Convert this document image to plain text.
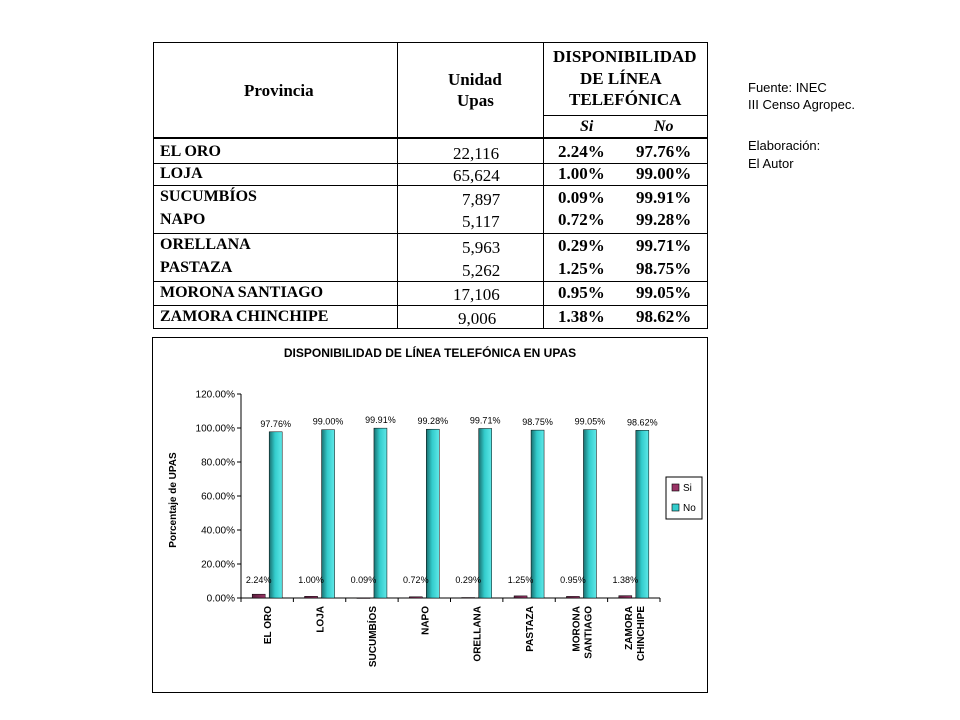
Provincia
Unidad
Upas
DISPONIBILIDAD
DE LÍNEA
TELEFÓNICA
Si	No
EL ORO	22,116	2.24% 97.76%
LOJA	65,624	1.00% 99.00%
SUCUMBÍOS	7,897	0.09% 99.91%
NAPO	5,117	0.72% 99.28%
ORELLANA	5,963	0.29% 99.71%
PASTAZA	5,262	1.25% 98.75%
MORONA SANTIAGO	17,106	0.95% 99.05%
ZAMORA CHINCHIPE	9,006	1.38% 98.62%
Fuente: INEC
III Censo Agropec.
Elaboración:
El Autor
DISPONIBILIDAD DE LÍNEA TELEFÓNICA EN UPAS
Porcentaje de UPAS
0.00%
20.00%
40.00%
60.00%
80.00%
100.00%
120.00%
2.24%
97.76%
EL ORO
1.00%
99.00%
LOJA
0.09%
99.91%
SUCUMBÍOS
0.72%
99.28%
NAPO
0.29%
99.71%
ORELLANA
1.25%
98.75%
PASTAZA
0.95%
99.05%
MORONASANTIAGO
1.38%
98.62%
ZAMORACHINCHIPE
Si
No
